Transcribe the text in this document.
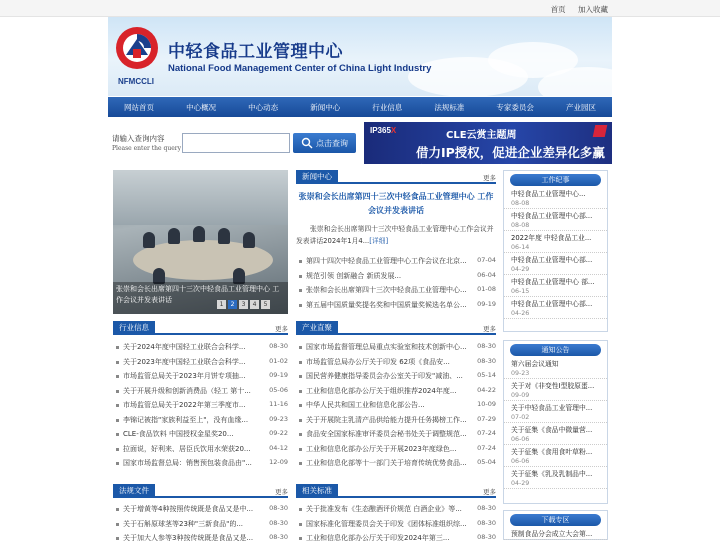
首页 加入收藏
NFMCCLI
中轻食品工业管理中心
National Food Management Center of China Light Industry
网站首页	中心概况	中心动态	新闻中心	行业信息	法规标准	专家委员会	产业园区
请输入查询内容
Please enter the query
点击查询
IP365X	CLE云赏主题周
借力IP授权，促进企业差异化多赢发展
张崇和会长出席第四十三次中轻食品工业管理中心 工作会议并发表讲话
1	2	3	4	5
新闻中心	更多
张崇和会长出席第四十三次中轻食品工业管理中心 工作会议并发表讲话
张崇和会长出席第四十三次中轻食品工业管理中心工作会议并发表讲话2024年1月4...[详细]
第四十四次中轻食品工业管理中心工作会议在北京... 07-04
规范引领 创新融合 新质发展...	06-04
张崇和会长出席第四十三次中轻食品工业管理中心... 01-08
第五届中国质量奖提名奖和中国质量奖候选名单公... 09-19
行业信息	更多
关于2024年度中国轻工业联合会科学...	08-30
关于2023年度中国轻工业联合会科学...	01-02
市场监管总局关于2023年月饼专项抽...	09-19
关于开展升级和创新消费品（轻工 第十...	05-06
市场监管总局关于2022年第三季度市...	11-16
李锦记被指"家族利益至上"，没有血缘...	09-23
CLE-食品饮料 中国授权金星奖20...	09-22
拉面说，好利来、居臣氏饮用水荣获20...	04-12
国家市场监督总局：销售预包装食品由"...	12-09
产业直聚	更多
国家市场监督管理总局重点实验室和技术创新中心... 08-30
市场监管总局办公厅关于印发 62项《食品安...	08-30
国民营养健康指导委员会办公室关于印发"减油、...	05-14
工业和信息化部办公厅关于组织推荐2024年度...	04-22
中华人民共和国工业和信息化部公告...	10-09
关于开展院主乳清产品供给能力提升任务揭榜工作... 07-29
食品安全国家标准审评委员会秘书处关于调整规范... 07-24
工业和信息化部办公厅关于开展2023年度绿色...	07-24
工业和信息化部等十一部门关于培育传统优势食品... 05-04
法规文件	更多
关于增黄等4种按照传统既是食品又是中...	08-30
关于石斛原球茎等23种"三新食品"的...	08-30
关于加大人参等3种按传统既是食品又是...	08-30
相关标准	更多
关于批准发布《生态酿酒评价规范 白酒企业》等...	08-30
国家标准化管理委员会关于印发《团体标准组织综... 08-30
工业和信息化部办公厅关于印发2024年第三...	08-30
工作纪事
中轻食品工业管理中心...
08-08
中轻食品工业管理中心部...
08-08
2022年度 中轻食品工业...
06-14
中轻食品工业管理中心部...
04-29
中轻食品工业管理中心 部...
06-15
中轻食品工业管理中心部...
04-26
通知公告
第六届会议通知
09-23
关于对《非变性I型胶原蛋...
09-09
关于中轻食品工业管理中...
07-02
关于征集《食品中微量营...
06-06
关于征集《食用食叶草粉...
06-06
关于征集《乳及乳制品中...
04-29
下载专区
预制食品分会成立大会第...
